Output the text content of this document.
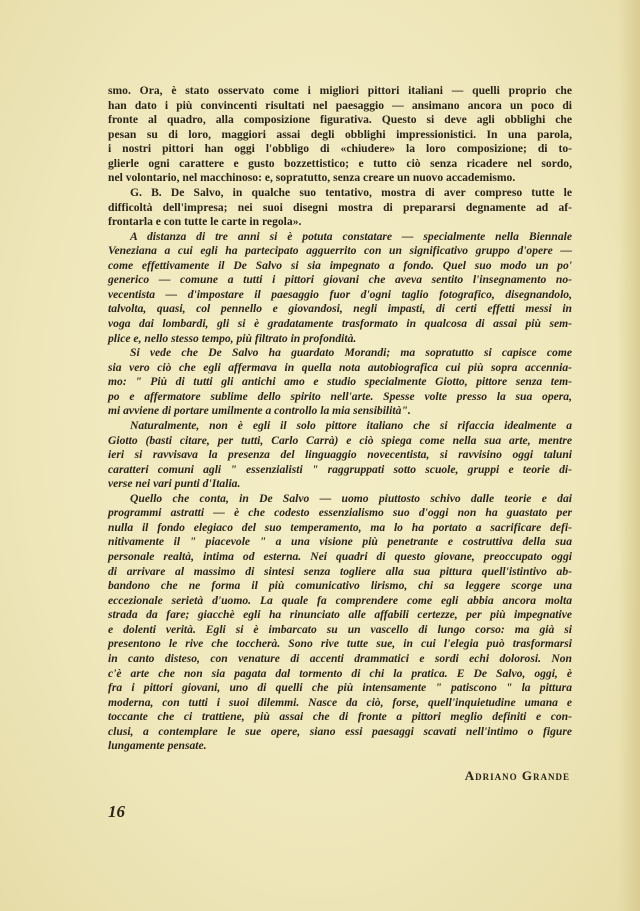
smo. Ora, è stato osservato come i migliori pittori italiani — quelli proprio che
han dato i più convincenti risultati nel paesaggio — ansimano ancora un poco di
fronte al quadro, alla composizione figurativa. Questo si deve agli obblighi che
pesan su di loro, maggiori assai degli obblighi impressionistici. In una parola,
i nostri pittori han oggi l'obbligo di «chiudere» la loro composizione; di to-
glierle ogni carattere e gusto bozzettistico; e tutto ciò senza ricadere nel sordo,
nel volontario, nel macchinoso: e, sopratutto, senza creare un nuovo accademismo.
G. B. De Salvo, in qualche suo tentativo, mostra di aver compreso tutte le
difficoltà dell'impresa; nei suoi disegni mostra di prepararsi degnamente ad af-
frontarla e con tutte le carte in regola».
A distanza di tre anni si è potuta constatare — specialmente nella Biennale
Veneziana a cui egli ha partecipato agguerrito con un significativo gruppo d'opere —
come effettivamente il De Salvo si sia impegnato a fondo. Quel suo modo un po'
generico — comune a tutti i pittori giovani che aveva sentito l'insegnamento no-
vecentista — d'impostare il paesaggio fuor d'ogni taglio fotografico, disegnandolo,
talvolta, quasi, col pennello e giovandosi, negli impasti, di certi effetti messi in
voga dai lombardi, gli si è gradatamente trasformato in qualcosa di assai più sem-
plice e, nello stesso tempo, più filtrato in profondità.
Si vede che De Salvo ha guardato Morandi; ma sopratutto si capisce come
sia vero ciò che egli affermava in quella nota autobiografica cui più sopra accennia-
mo: " Più di tutti gli antichi amo e studio specialmente Giotto, pittore senza tem-
po e affermatore sublime dello spirito nell'arte. Spesse volte presso la sua opera,
mi avviene di portare umilmente a controllo la mia sensibilità".
Naturalmente, non è egli il solo pittore italiano che si rifaccia idealmente a
Giotto (basti citare, per tutti, Carlo Carrà) e ciò spiega come nella sua arte, mentre
ieri si ravvisava la presenza del linguaggio novecentista, si ravvisino oggi taluni
caratteri comuni agli " essenzialisti " raggruppati sotto scuole, gruppi e teorie di-
verse nei vari punti d'Italia.
Quello che conta, in De Salvo — uomo piuttosto schivo dalle teorie e dai
programmi astratti — è che codesto essenzialismo suo d'oggi non ha guastato per
nulla il fondo elegiaco del suo temperamento, ma lo ha portato a sacrificare defi-
nitivamente il " piacevole " a una visione più penetrante e costruttiva della sua
personale realtà, intima od esterna. Nei quadri di questo giovane, preoccupato oggi
di arrivare al massimo di sintesi senza togliere alla sua pittura quell'istintivo ab-
bandono che ne forma il più comunicativo lirismo, chi sa leggere scorge una
eccezionale serietà d'uomo. La quale fa comprendere come egli abbia ancora molta
strada da fare; giacchè egli ha rinunciato alle affabili certezze, per più impegnative
e dolenti verità. Egli si è imbarcato su un vascello di lungo corso: ma già si
presentono le rive che toccherà. Sono rive tutte sue, in cui l'elegia può trasformarsi
in canto disteso, con venature di accenti drammatici e sordi echi dolorosi. Non
c'è arte che non sia pagata dal tormento di chi la pratica. E De Salvo, oggi, è
fra i pittori giovani, uno di quelli che più intensamente " patiscono " la pittura
moderna, con tutti i suoi dilemmi. Nasce da ciò, forse, quell'inquietudine umana e
toccante che ci trattiene, più assai che di fronte a pittori meglio definiti e con-
clusi, a contemplare le sue opere, siano essi paesaggi scavati nell'intimo o figure
lungamente pensate.
Adriano Grande
16
